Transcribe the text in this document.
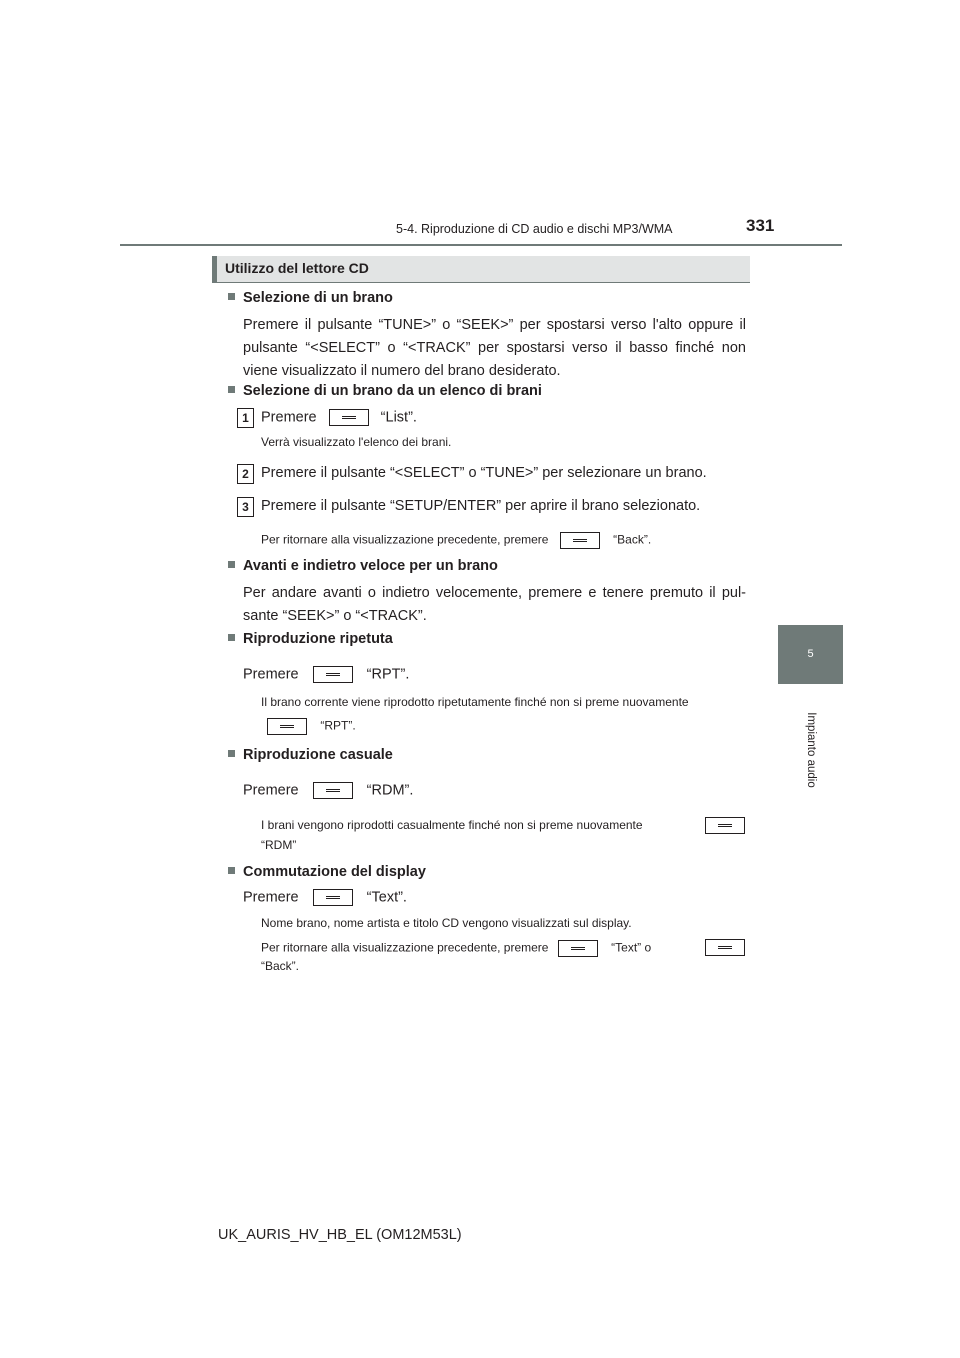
5-4. Riproduzione di CD audio e dischi MP3/WMA	331
5
Impianto audio
Utilizzo del lettore CD
Selezione di un brano
Premere il pulsante “TUNE>” o “SEEK>” per spostarsi verso l'alto oppure il pulsante “<SELECT” o “<TRACK” per spostarsi verso il basso finché non viene visualizzato il numero del brano desiderato.
Selezione di un brano da un elenco di brani
1 Premere	“List”.
Verrà visualizzato l'elenco dei brani.
2 Premere il pulsante “<SELECT” o “TUNE>” per selezionare un brano.
3 Premere il pulsante “SETUP/ENTER” per aprire il brano selezionato.
Per ritornare alla visualizzazione precedente, premere	“Back”.
Avanti e indietro veloce per un brano
Per andare avanti o indietro velocemente, premere e tenere premuto il pul-sante “SEEK>” o “<TRACK”.
Riproduzione ripetuta
Premere	“RPT”.
Il brano corrente viene riprodotto ripetutamente finché non si preme nuovamente
“RPT”.
Riproduzione casuale
Premere	“RDM”.
I brani vengono riprodotti casualmente finché non si preme nuovamente
“RDM”
Commutazione del display
Premere	“Text”.
Nome brano, nome artista e titolo CD vengono visualizzati sul display.
Per ritornare alla visualizzazione precedente, premere	“Text” o
“Back”.
UK_AURIS_HV_HB_EL (OM12M53L)
